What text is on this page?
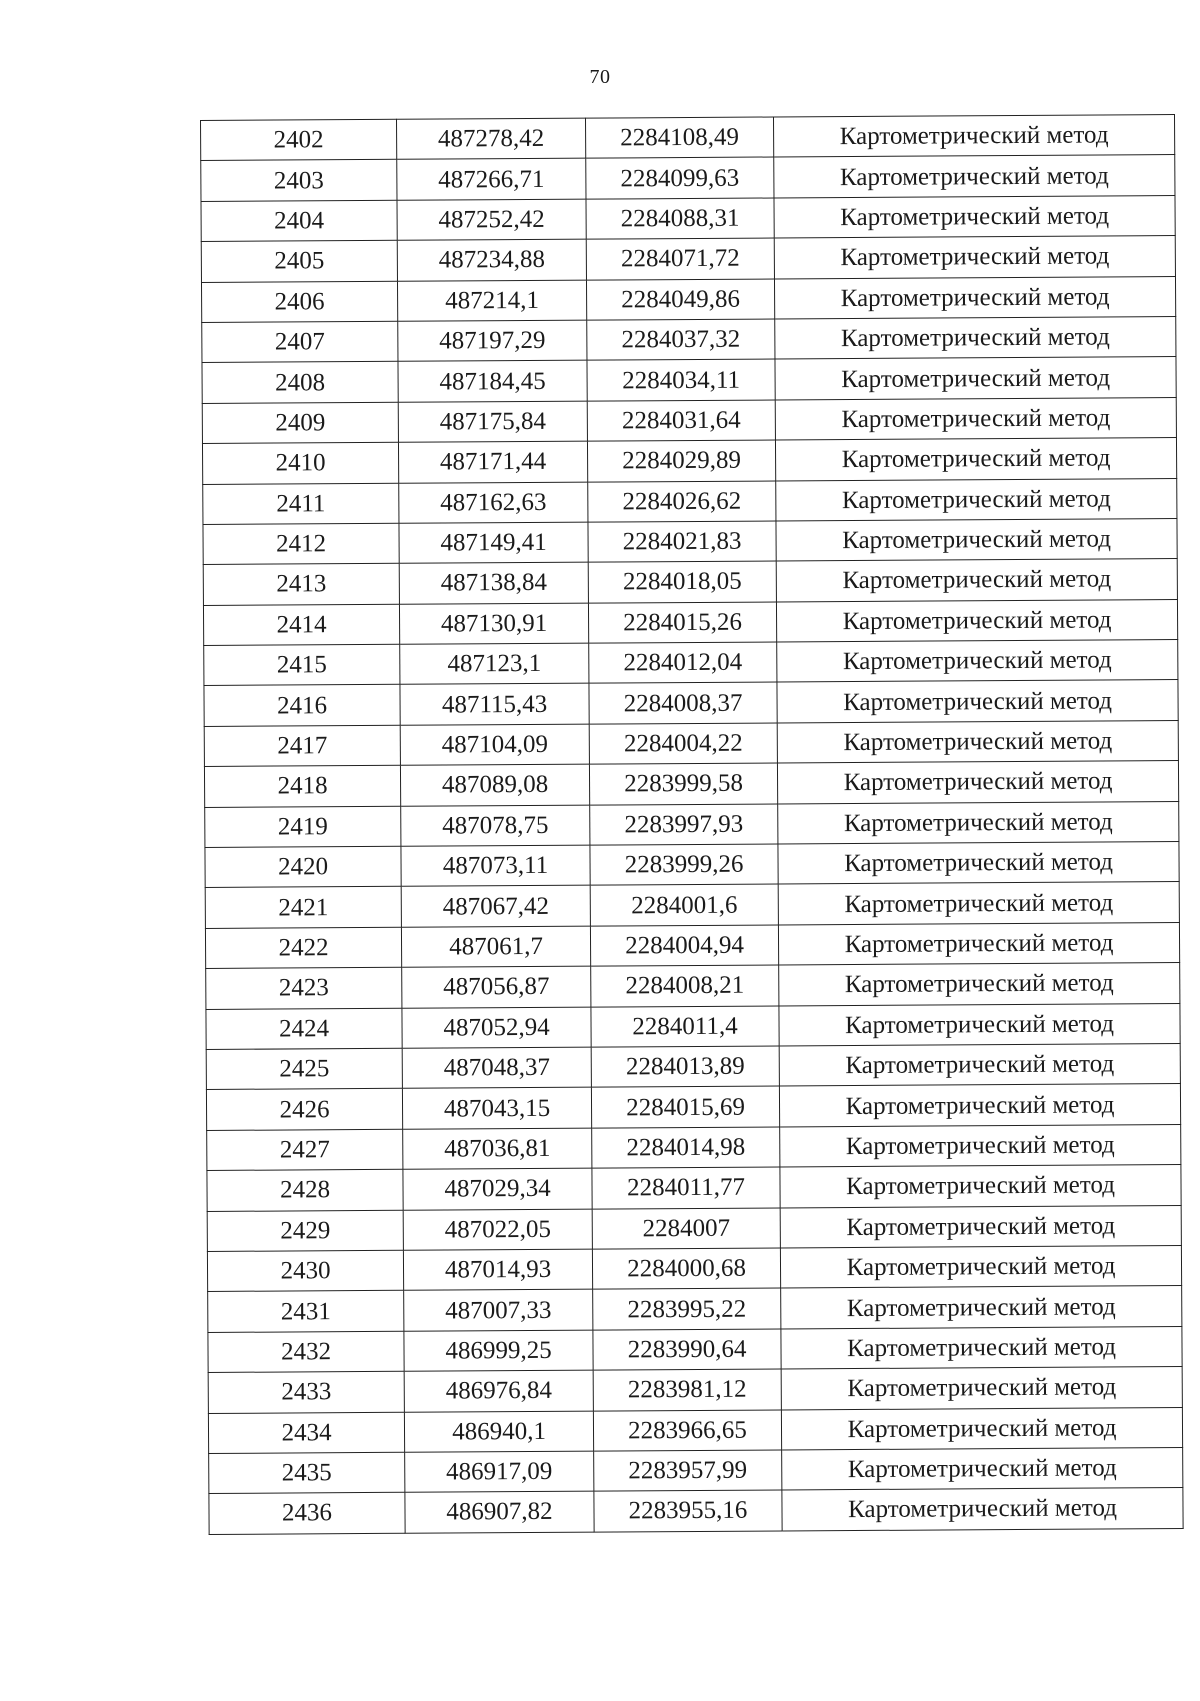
70
2402	487278,42	2284108,49	Картометрический метод
2403	487266,71	2284099,63	Картометрический метод
2404	487252,42	2284088,31	Картометрический метод
2405	487234,88	2284071,72	Картометрический метод
2406	487214,1	2284049,86	Картометрический метод
2407	487197,29	2284037,32	Картометрический метод
2408	487184,45	2284034,11	Картометрический метод
2409	487175,84	2284031,64	Картометрический метод
2410	487171,44	2284029,89	Картометрический метод
2411	487162,63	2284026,62	Картометрический метод
2412	487149,41	2284021,83	Картометрический метод
2413	487138,84	2284018,05	Картометрический метод
2414	487130,91	2284015,26	Картометрический метод
2415	487123,1	2284012,04	Картометрический метод
2416	487115,43	2284008,37	Картометрический метод
2417	487104,09	2284004,22	Картометрический метод
2418	487089,08	2283999,58	Картометрический метод
2419	487078,75	2283997,93	Картометрический метод
2420	487073,11	2283999,26	Картометрический метод
2421	487067,42	2284001,6	Картометрический метод
2422	487061,7	2284004,94	Картометрический метод
2423	487056,87	2284008,21	Картометрический метод
2424	487052,94	2284011,4	Картометрический метод
2425	487048,37	2284013,89	Картометрический метод
2426	487043,15	2284015,69	Картометрический метод
2427	487036,81	2284014,98	Картометрический метод
2428	487029,34	2284011,77	Картометрический метод
2429	487022,05	2284007	Картометрический метод
2430	487014,93	2284000,68	Картометрический метод
2431	487007,33	2283995,22	Картометрический метод
2432	486999,25	2283990,64	Картометрический метод
2433	486976,84	2283981,12	Картометрический метод
2434	486940,1	2283966,65	Картометрический метод
2435	486917,09	2283957,99	Картометрический метод
2436	486907,82	2283955,16	Картометрический метод
